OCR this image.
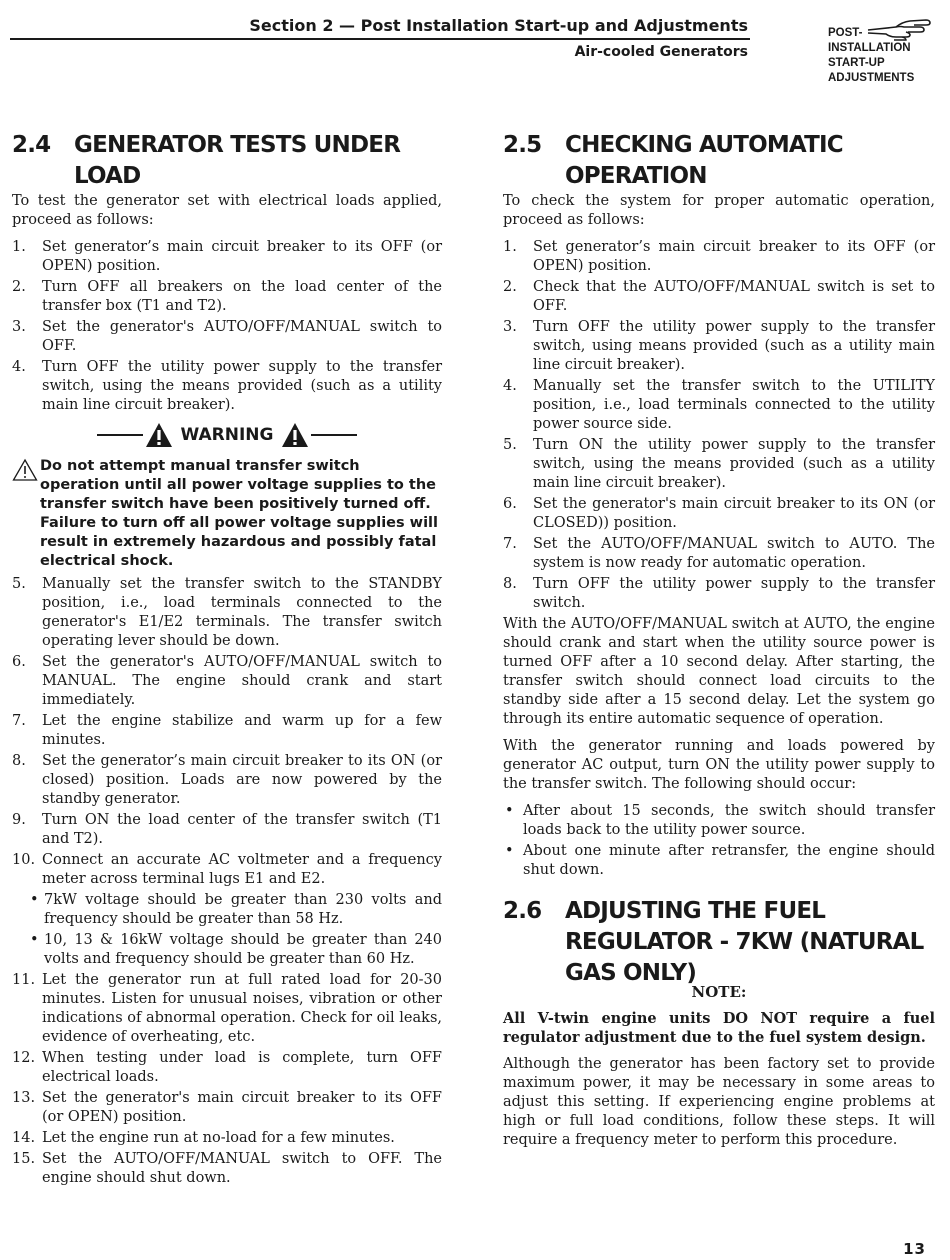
Section 2 — Post Installation Start-up and Adjustments
Air-cooled Generators
POST-
INSTALLATION
START-UP
ADJUSTMENTS
2.4	GENERATOR TESTS UNDER LOAD

To test the generator set with electrical loads applied, proceed as follows:

1. Set generator’s main circuit breaker to its OFF (or OPEN) position.
2. Turn OFF all breakers on the load center of the transfer box (T1 and T2).
3. Set the generator's AUTO/OFF/MANUAL switch to OFF.
4. Turn OFF the utility power supply to the transfer switch, using the means provided (such as a utility main line circuit breaker).
WARNING
Do not attempt manual transfer switch operation until all power voltage supplies to the transfer switch have been positively turned off. Failure to turn off all power voltage supplies will result in extremely hazardous and possibly fatal electrical shock.
5. Manually set the transfer switch to the STANDBY position, i.e., load terminals connected to the generator's E1/E2 terminals. The transfer switch operating lever should be down.
6. Set the generator's AUTO/OFF/MANUAL switch to MANUAL. The engine should crank and start immediately.
7. Let the engine stabilize and warm up for a few minutes.
8. Set the generator’s main circuit breaker to its ON (or closed) position. Loads are now powered by the standby generator.
9. Turn ON the load center of the transfer switch (T1 and T2).
10. Connect an accurate AC voltmeter and a frequency meter across terminal lugs E1 and E2.
• 7kW voltage should be greater than 230 volts and frequency should be greater than 58 Hz.
• 10, 13 & 16kW voltage should be greater than 240 volts and frequency should be greater than 60 Hz.
11. Let the generator run at full rated load for 20-30 minutes. Listen for unusual noises, vibration or other indications of abnormal operation. Check for oil leaks, evidence of overheating, etc.
12. When testing under load is complete, turn OFF electrical loads.
13. Set the generator's main circuit breaker to its OFF (or OPEN) position.
14. Let the engine run at no-load for a few minutes.
15. Set the AUTO/OFF/MANUAL switch to OFF. The engine should shut down.
2.5	CHECKING AUTOMATIC OPERATION

To check the system for proper automatic operation, proceed as follows:

1. Set generator’s main circuit breaker to its OFF (or OPEN) position.
2. Check that the AUTO/OFF/MANUAL switch is set to OFF.
3. Turn OFF the utility power supply to the transfer switch, using means provided (such as a utility main line circuit breaker).
4. Manually set the transfer switch to the UTILITY position, i.e., load terminals connected to the utility power source side.
5. Turn ON the utility power supply to the transfer switch, using the means provided (such as a utility main line circuit breaker).
6. Set the generator's main circuit breaker to its ON (or CLOSED)) position.
7. Set the AUTO/OFF/MANUAL switch to AUTO. The system is now ready for automatic operation.
8. Turn OFF the utility power supply to the transfer switch.

With the AUTO/OFF/MANUAL switch at AUTO, the engine should crank and start when the utility source power is turned OFF after a 10 second delay. After starting, the transfer switch should connect load circuits to the standby side after a 15 second delay. Let the system go through its entire automatic sequence of operation.

With the generator running and loads powered by generator AC output, turn ON the utility power supply to the transfer switch. The following should occur:

• After about 15 seconds, the switch should transfer loads back to the utility power source.
• About one minute after retransfer, the engine should shut down.
2.6	ADJUSTING THE FUEL REGULATOR - 7KW (NATURAL GAS ONLY)
NOTE:

All V-twin engine units DO NOT require a fuel regulator adjustment due to the fuel system design.

Although the generator has been factory set to provide maximum power, it may be necessary in some areas to adjust this setting. If experiencing engine problems at high or full load conditions, follow these steps. It will require a frequency meter to perform this procedure.

13
